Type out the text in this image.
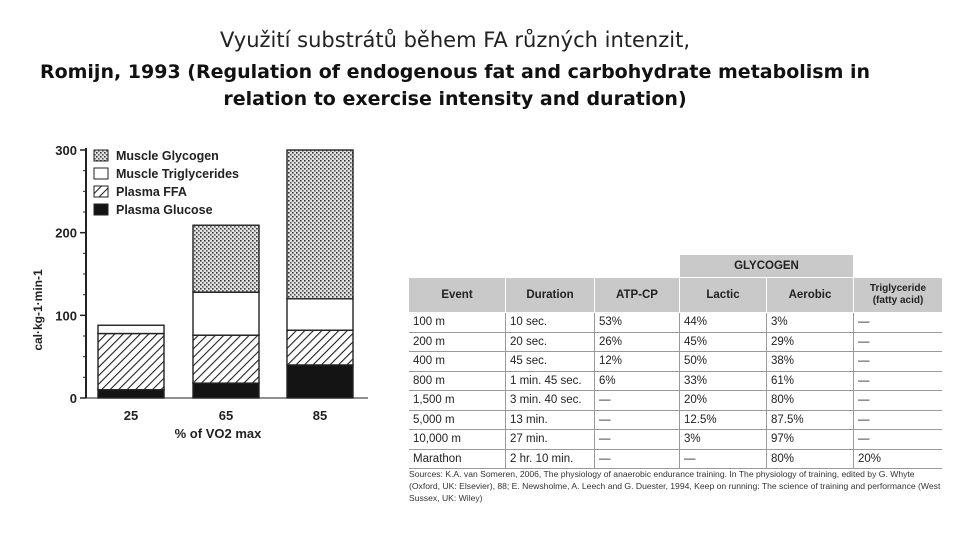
Využití substrátů během FA různých intenzit,
Romijn, 1993 (Regulation of endogenous fat and carbohydrate metabolism in relation to exercise intensity and duration)
0
100
200
300
25	65	85
Muscle Glycogen
Muscle Triglycerides
Plasma FFA
Plasma Glucose
cal·kg-1·min-1
% of VO2 max
			GLYCOGEN		
Event	Duration	ATP-CP	Lactic	Aerobic	Triglyceride (fatty acid)
100 m	10 sec.	53%	44%	3%	—
200 m	20 sec.	26%	45%	29%	—
400 m	45 sec.	12%	50%	38%	—
800 m	1 min. 45 sec.	6%	33%	61%	—
1,500 m	3 min. 40 sec.	—	20%	80%	—
5,000 m	13 min.	—	12.5%	87.5%	—
10,000 m	27 min.	—	3%	97%	—
Marathon	2 hr. 10 min.	—	—	80%	20%
Sources: K.A. van Someren, 2006, The physiology of anaerobic endurance training. In The physiology of training, edited by G. Whyte (Oxford, UK: Elsevier), 88; E. Newsholme, A. Leech and G. Duester, 1994, Keep on running: The science of training and performance (West Sussex, UK: Wiley)
